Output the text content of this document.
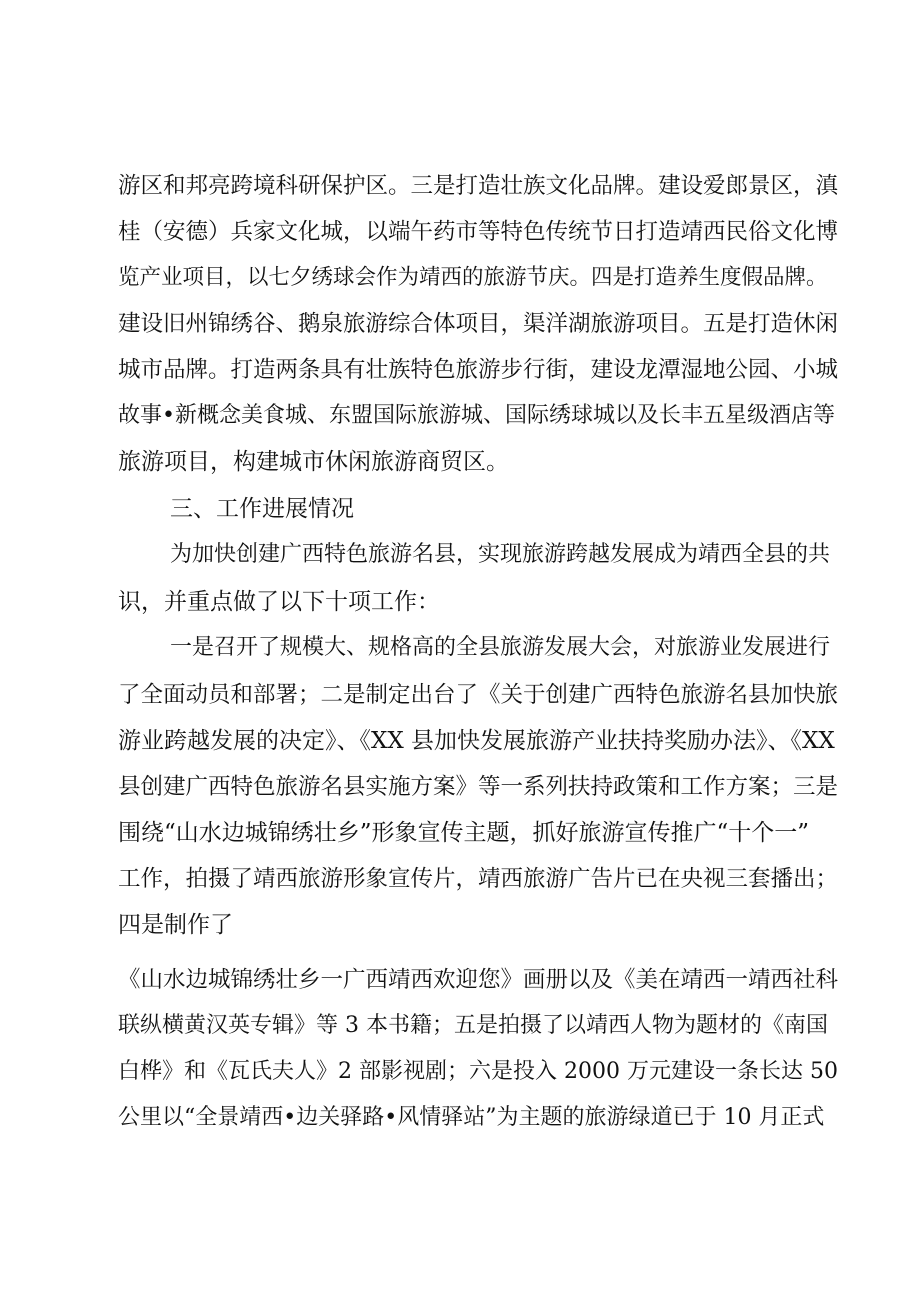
游区和邦亮跨境科研保护区。三是打造壮族文化品牌。建设爱郎景区，滇

桂（安德）兵家文化城，以端午药市等特色传统节日打造靖西民俗文化博

览产业项目，以七夕绣球会作为靖西的旅游节庆。四是打造养生度假品牌。

建设旧州锦绣谷、鹅泉旅游综合体项目，渠洋湖旅游项目。五是打造休闲

城市品牌。打造两条具有壮族特色旅游步行街，建设龙潭湿地公园、小城

故事•新概念美食城、东盟国际旅游城、国际绣球城以及长丰五星级酒店等

旅游项目，构建城市休闲旅游商贸区。

三、工作进展情况

为加快创建广西特色旅游名县，实现旅游跨越发展成为靖西全县的共

识，并重点做了以下十项工作：

一是召开了规模大、规格高的全县旅游发展大会，对旅游业发展进行

了全面动员和部署；二是制定出台了《关于创建广西特色旅游名县加快旅

游业跨越发展的决定》、《XX 县加快发展旅游产业扶持奖励办法》、《XX

县创建广西特色旅游名县实施方案》等一系列扶持政策和工作方案；三是

围绕“山水边城锦绣壮乡”形象宣传主题，抓好旅游宣传推广“十个一”

工作，拍摄了靖西旅游形象宣传片，靖西旅游广告片已在央视三套播出；

四是制作了

《山水边城锦绣壮乡一广西靖西欢迎您》画册以及《美在靖西一靖西社科

联纵横黄汉英专辑》等 3 本书籍；五是拍摄了以靖西人物为题材的《南国

白桦》和《瓦氏夫人》2 部影视剧；六是投入 2000 万元建设一条长达 50

公里以“全景靖西•边关驿路•风情驿站”为主题的旅游绿道已于 10 月正式
